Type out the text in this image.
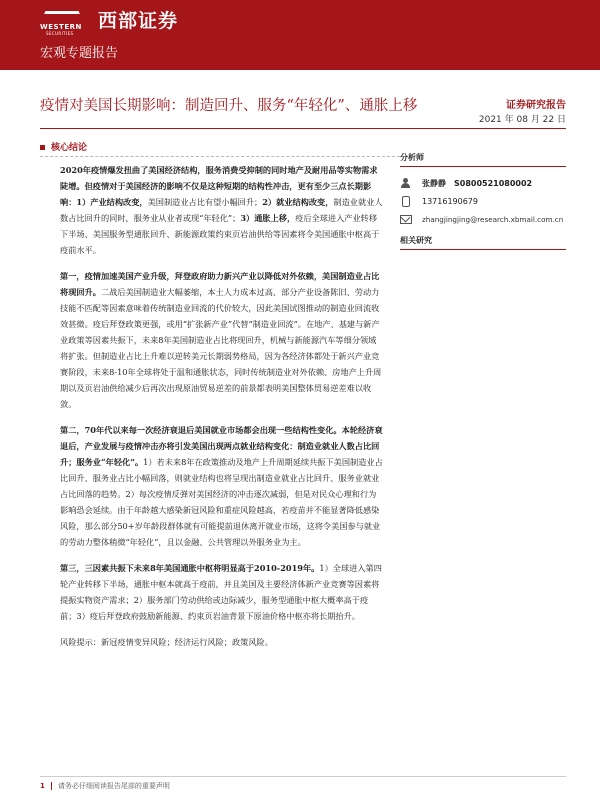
WESTERN
SECURITIES
西部证券
宏观专题报告
疫情对美国长期影响：制造回升、服务“年轻化”、通胀上移	证券研究报告
2021 年 08 月 22 日
核心结论

2020年疫情爆发扭曲了美国经济结构，服务消费受抑制的同时地产及耐用品等实物需求陡增。但疫情对于美国经济的影响不仅是这种短期的结构性冲击，更有至少三点长期影响：1）产业结构改变，美国制造业占比有望小幅回升；2）就业结构改变，制造业就业人数占比回升的同时，服务业从业者或现“年轻化”；3）通胀上移，疫后全球进入产业转移下半场、美国服务型通胀回升、新能源政策约束页岩油供给等因素将令美国通胀中枢高于疫前水平。

第一，疫情加速美国产业升级，拜登政府助力新兴产业以降低对外依赖，美国制造业占比将现回升。二战后美国制造业大幅萎缩，本土人力成本过高、部分产业设备陈旧、劳动力技能不匹配等因素意味着传统制造业回流的代价较大，因此美国试图推动的制造业回流收效甚微。疫后拜登政策更强，或用“扩张新产业”代替“制造业回流”。在地产、基建与新产业政策等因素共振下，未来8年美国制造业占比将现回升，机械与新能源汽车等细分领域将扩张。但制造业占比上升难以逆转美元长期弱势格局，因为各经济体都处于新兴产业竞赛阶段，未来8-10年全球将处于温和通胀状态，同时传统制造业对外依赖、房地产上升周期以及页岩油供给减少后再次出现原油贸易逆差的前景都表明美国整体贸易逆差难以收敛。

第二，70年代以来每一次经济衰退后美国就业市场都会出现一些结构性变化。本轮经济衰退后，产业发展与疫情冲击亦将引发美国出现两点就业结构变化：制造业就业人数占比回升；服务业“年轻化”。1）若未来8年在政策推动及地产上升周期延续共振下美国制造业占比回升、服务业占比小幅回落，则就业结构也将呈现出制造业就业占比回升、服务业就业占比回落的趋势。2）每次疫情反弹对美国经济的冲击逐次减弱，但是对民众心理和行为影响恐会延续。由于年龄越大感染新冠风险和重症风险越高，若疫苗并不能显著降低感染风险，那么部分50+岁年龄段群体就有可能提前退休离开就业市场，这将令美国参与就业的劳动力整体稍微“年轻化”，且以金融、公共管理以外服务业为主。

第三，三因素共振下未来8年美国通胀中枢将明显高于2010-2019年。1）全球进入第四轮产业转移下半场，通胀中枢本就高于疫前，并且美国及主要经济体新产业竞赛等因素将提振实物资产需求；2）服务部门劳动供给或边际减少，服务型通胀中枢大概率高于疫前；3）疫后拜登政府鼓励新能源、约束页岩油背景下原油价格中枢亦将长期抬升。

风险提示：新冠疫情变异风险；经济运行风险；政策风险。

分析师
张静静 S0800521080002
13716190679
zhangjingjing@research.xbmail.com.cn
相关研究
1 请务必仔细阅读报告尾部的重要声明
